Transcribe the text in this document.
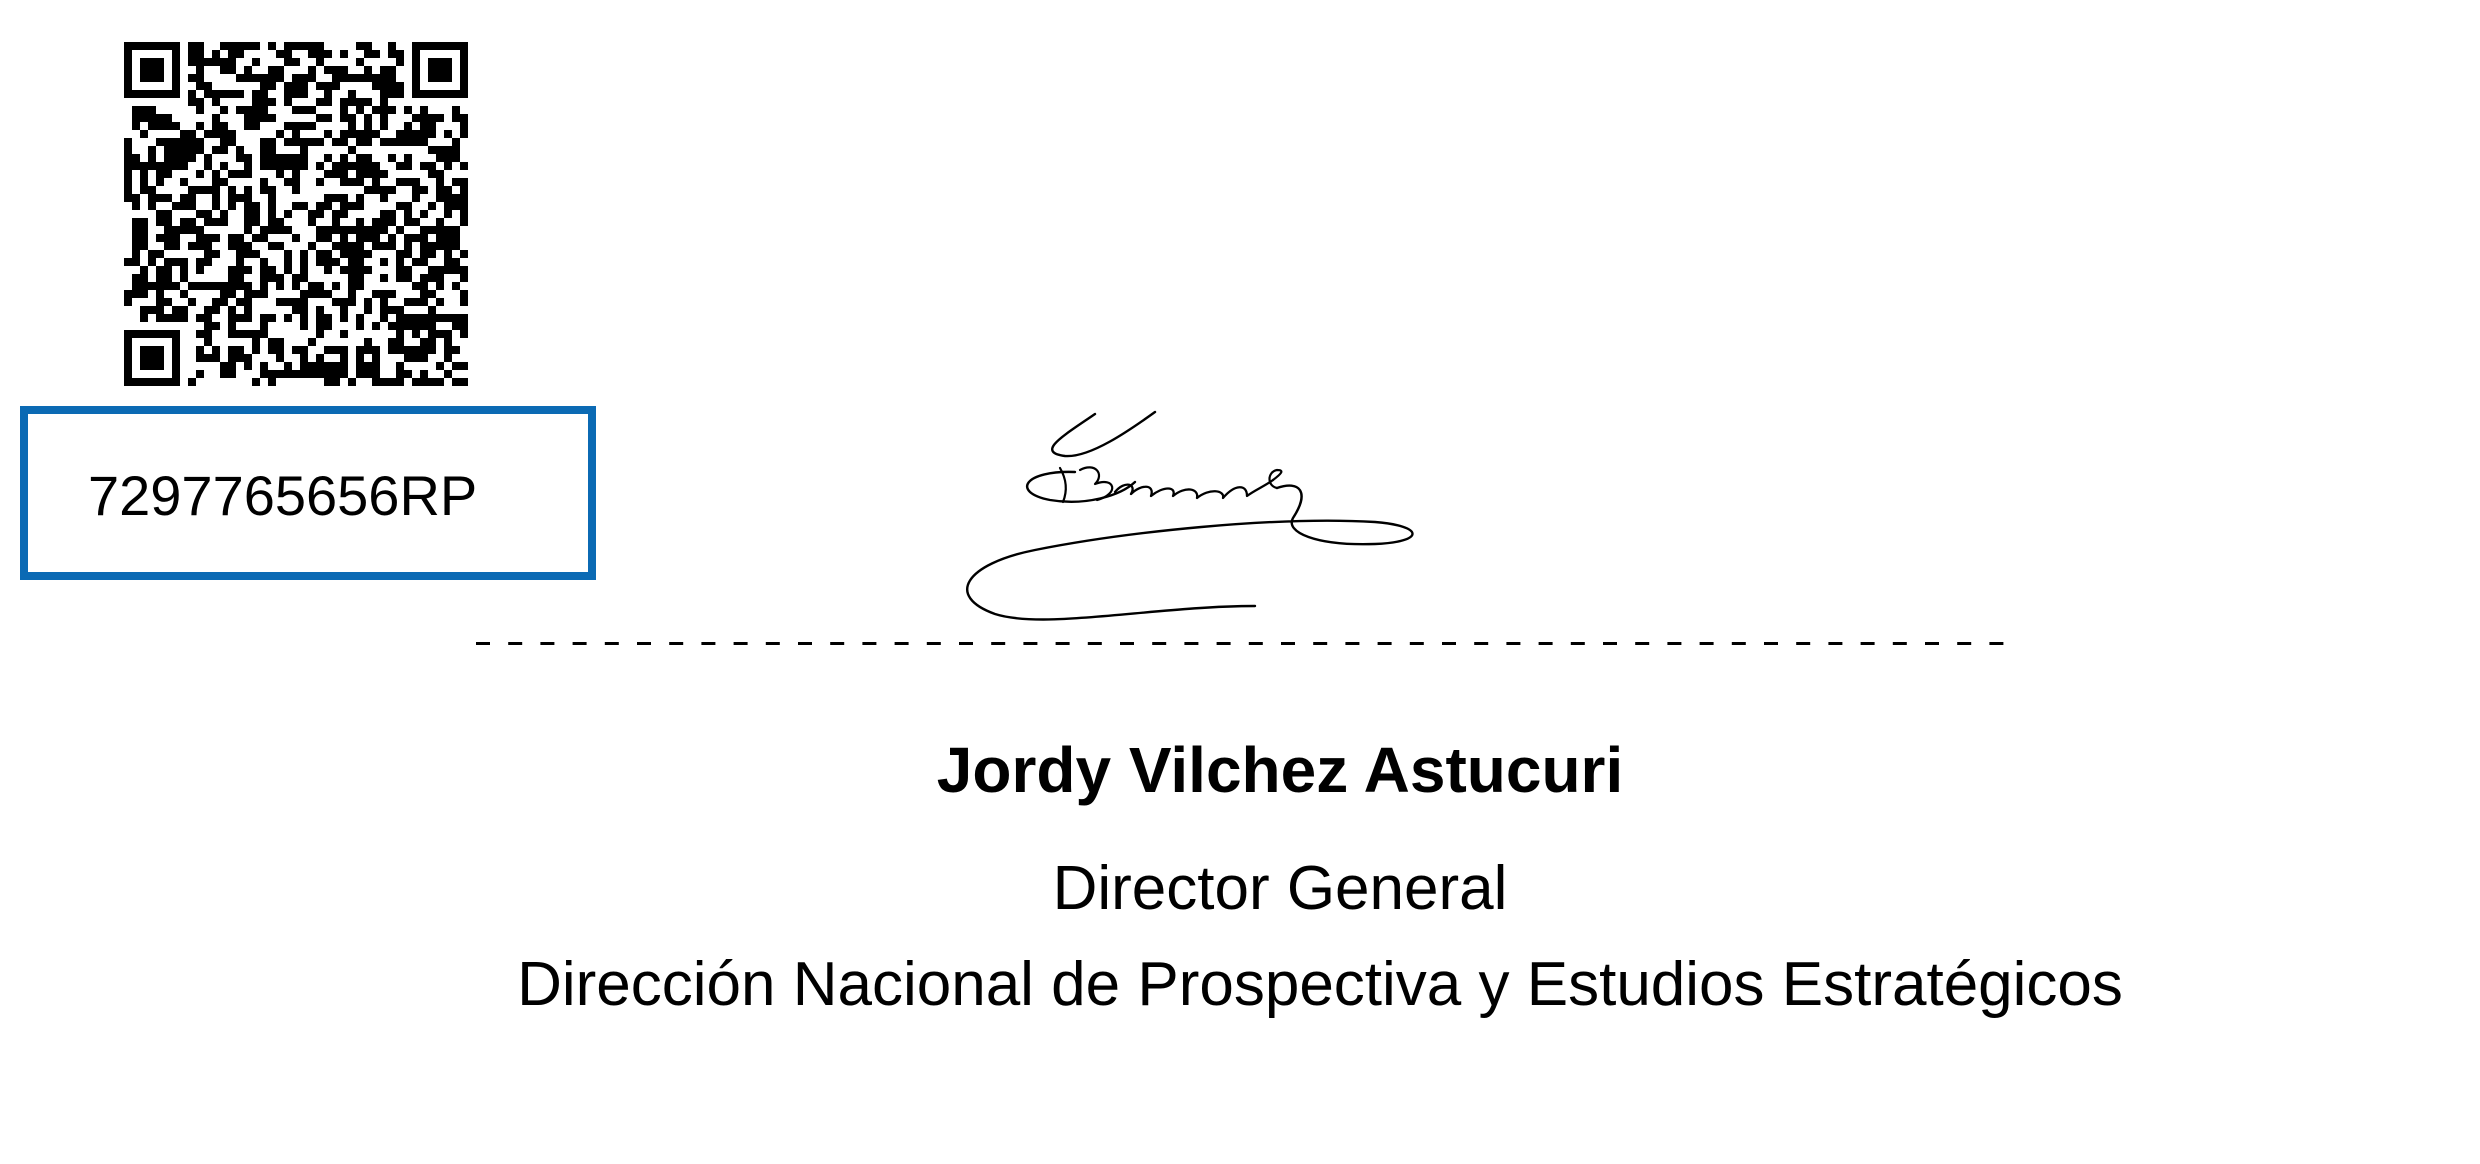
7297765656RP
Jordy Vilchez Astucuri
Director General
Dirección Nacional de Prospectiva y Estudios Estratégicos
